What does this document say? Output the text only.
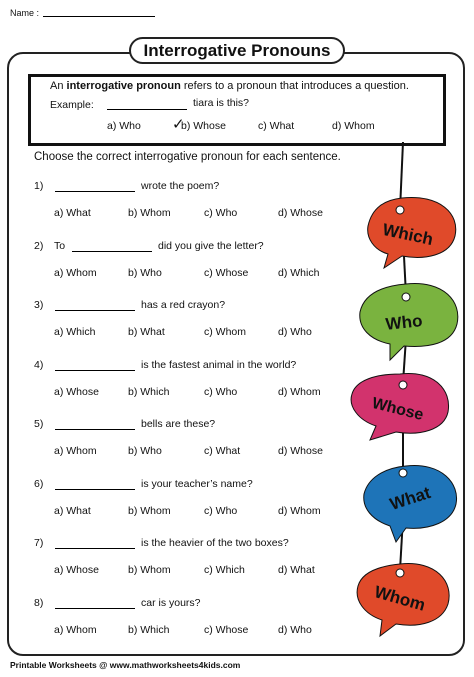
Name :
Interrogative Pronouns
An interrogative pronoun refers to a pronoun that introduces a question.
Example:	tiara is this?
a) Who ✓
b) Whose	c) What	d) Whom
Choose the correct interrogative pronoun for each sentence.
1)	wrote the poem?
a) What	b) Whom	c) Who	d) Whose
2) To	did you give the letter?
a) Whom	b) Who	c) Whose	d) Which
3)	has a red crayon?
a) Which	b) What	c) Whom	d) Who
4)	is the fastest animal in the world?
a) Whose	b) Which	c) Who	d) Whom
5)	bells are these?
a) Whom	b) Who	c) What	d) Whose
6)	is your teacher’s name?
a) What	b) Whom	c) Who	d) Whom
7)	is the heavier of the two boxes?
a) Whose	b) Whom	c) Which	d) What
8)	car is yours?
a) Whom	b) Which	c) Whose	d) Who
Which
Who
Whose
What
Whom
Printable Worksheets @ www.mathworksheets4kids.com
